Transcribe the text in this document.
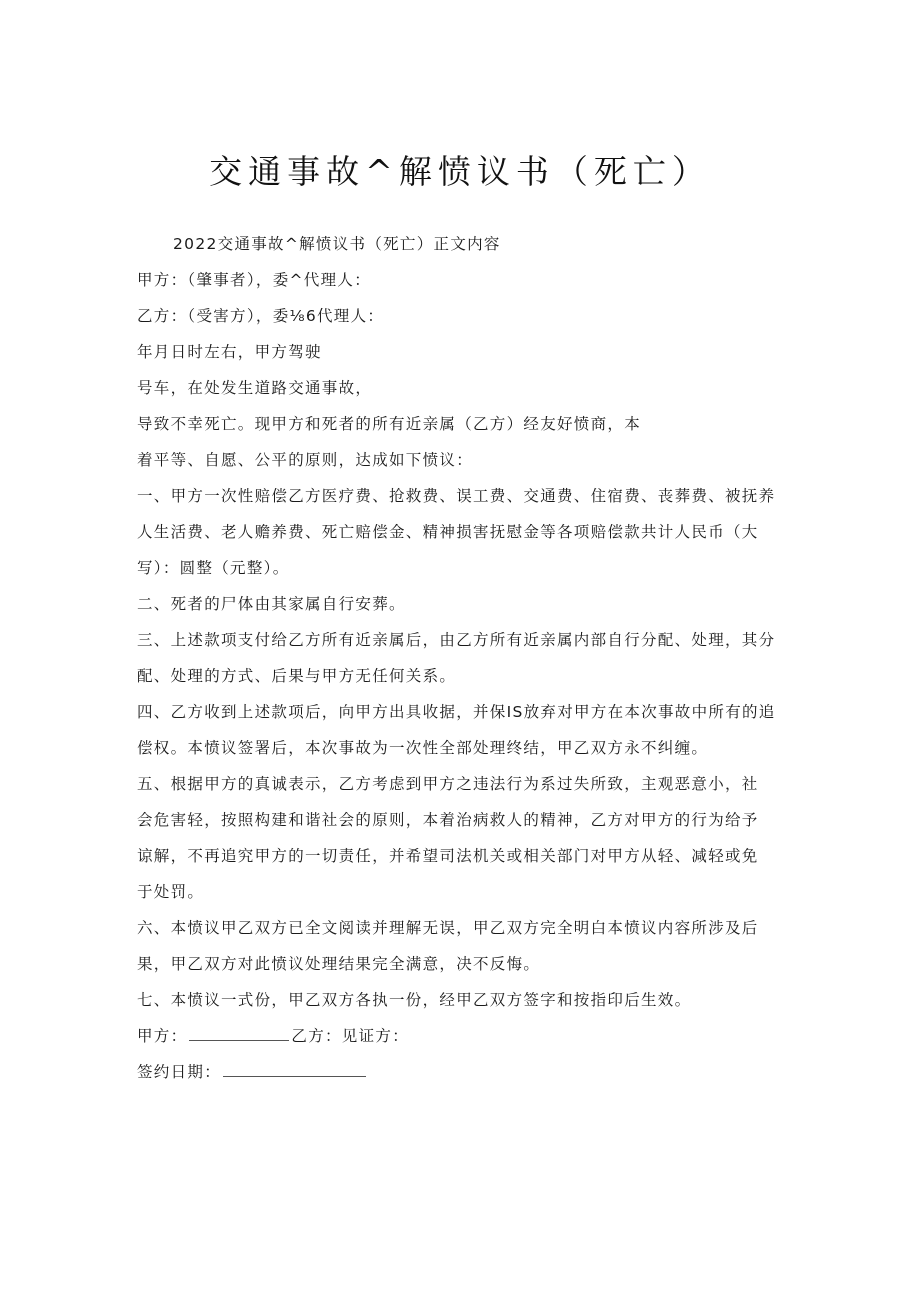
交通事故^解愤议书（死亡）
2022交通事故^解愤议书（死亡）正文内容
甲方：（肇事者），委^代理人：
乙方：（受害方），委⅛6代理人：
年月日时左右，甲方驾驶
号车，在处发生道路交通事故，
导致不幸死亡。现甲方和死者的所有近亲属（乙方）经友好愤商，本
着平等、自愿、公平的原则，达成如下愤议：
一、甲方一次性赔偿乙方医疗费、抢救费、误工费、交通费、住宿费、丧葬费、被抚养
人生活费、老人赡养费、死亡赔偿金、精神损害抚慰金等各项赔偿款共计人民币（大
写）：圆整（元整）。
二、死者的尸体由其家属自行安葬。
三、上述款项支付给乙方所有近亲属后，由乙方所有近亲属内部自行分配、处理，其分
配、处理的方式、后果与甲方无任何关系。
四、乙方收到上述款项后，向甲方出具收据，并保IS放弃对甲方在本次事故中所有的追
偿权。本愤议签署后，本次事故为一次性全部处理终结，甲乙双方永不纠缠。
五、根据甲方的真诚表示，乙方考虑到甲方之违法行为系过失所致，主观恶意小，社
会危害轻，按照构建和谐社会的原则，本着治病救人的精神，乙方对甲方的行为给予
谅解，不再追究甲方的一切责任，并希望司法机关或相关部门对甲方从轻、减轻或免
于处罚。
六、本愤议甲乙双方已全文阅读并理解无误，甲乙双方完全明白本愤议内容所涉及后
果，甲乙双方对此愤议处理结果完全满意，决不反悔。
七、本愤议一式份，甲乙双方各执一份，经甲乙双方签字和按指印后生效。
甲方：	乙方：见证方：
签约日期：
